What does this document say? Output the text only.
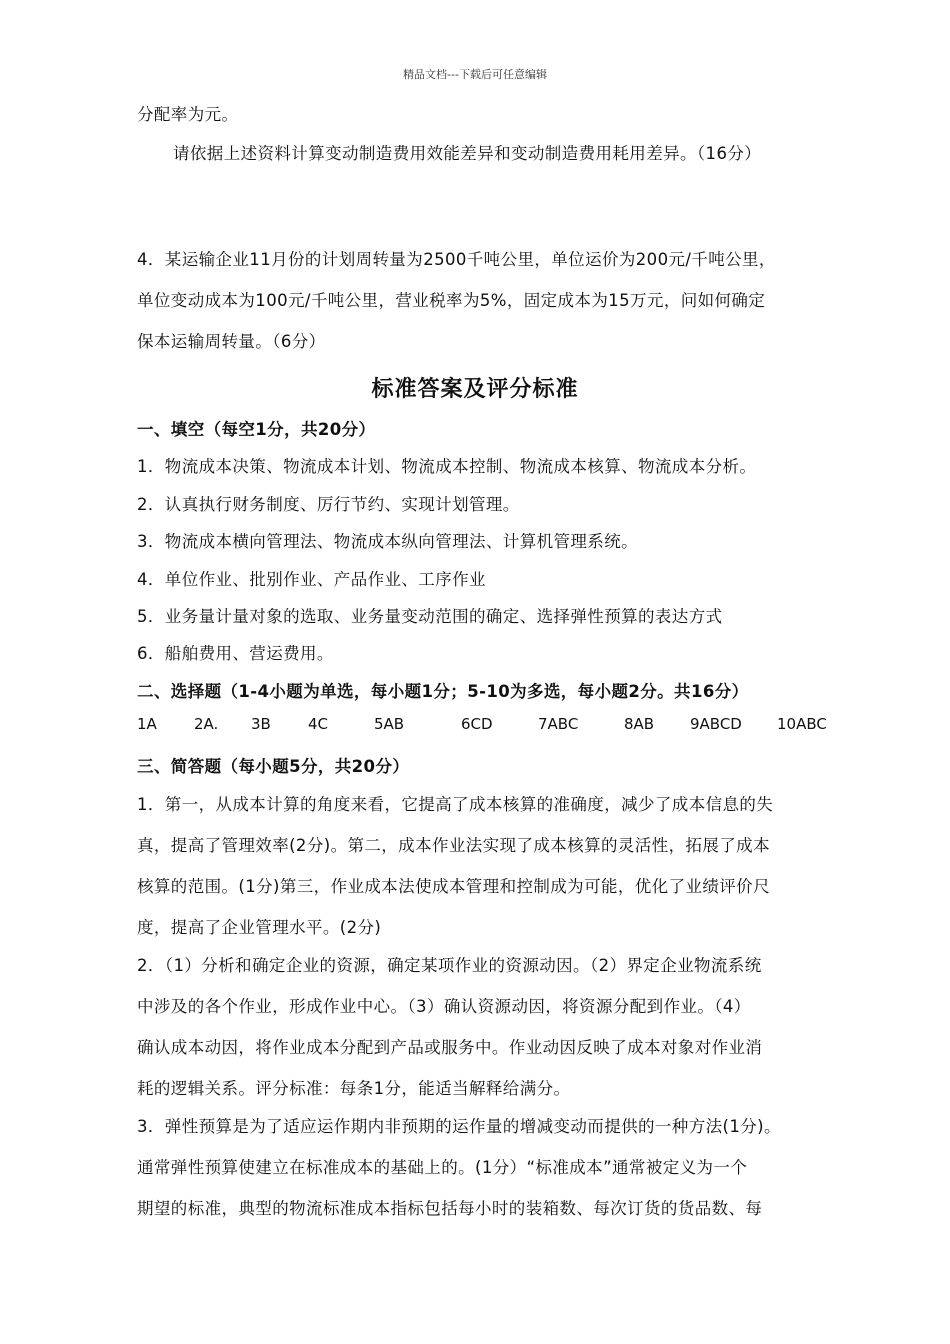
精品文档---下载后可任意编辑
分配率为元。
请依据上述资料计算变动制造费用效能差异和变动制造费用耗用差异。（16分）
4．某运输企业11月份的计划周转量为2500千吨公里，单位运价为200元/千吨公里，
单位变动成本为100元/千吨公里，营业税率为5%，固定成本为15万元，问如何确定
保本运输周转量。（6分）
标准答案及评分标准
一、填空（每空1分，共20分）
1．物流成本决策、物流成本计划、物流成本控制、物流成本核算、物流成本分析。
2．认真执行财务制度、厉行节约、实现计划管理。
3．物流成本横向管理法、物流成本纵向管理法、计算机管理系统。
4．单位作业、批别作业、产品作业、工序作业
5．业务量计量对象的选取、业务量变动范围的确定、选择弹性预算的表达方式
6．船舶费用、营运费用。
二、选择题（1-4小题为单选，每小题1分；5-10为多选，每小题2分。共16分）
1A 2A. 3B 4C	5AB	6CD	7ABC	8AB 9ABCD 10ABC
三、简答题（每小题5分，共20分）
1．第一，从成本计算的角度来看，它提高了成本核算的准确度，减少了成本信息的失
真，提高了管理效率(2分)。第二，成本作业法实现了成本核算的灵活性，拓展了成本
核算的范围。(1分)第三，作业成本法使成本管理和控制成为可能，优化了业绩评价尺
度，提高了企业管理水平。(2分)
2．（1）分析和确定企业的资源，确定某项作业的资源动因。（2）界定企业物流系统
中涉及的各个作业，形成作业中心。（3）确认资源动因，将资源分配到作业。（4）
确认成本动因，将作业成本分配到产品或服务中。作业动因反映了成本对象对作业消
耗的逻辑关系。评分标准：每条1分，能适当解释给满分。
3．弹性预算是为了适应运作期内非预期的运作量的增减变动而提供的一种方法(1分)。
通常弹性预算使建立在标准成本的基础上的。(1分）“标准成本”通常被定义为一个
期望的标准，典型的物流标准成本指标包括每小时的装箱数、每次订货的货品数、每
